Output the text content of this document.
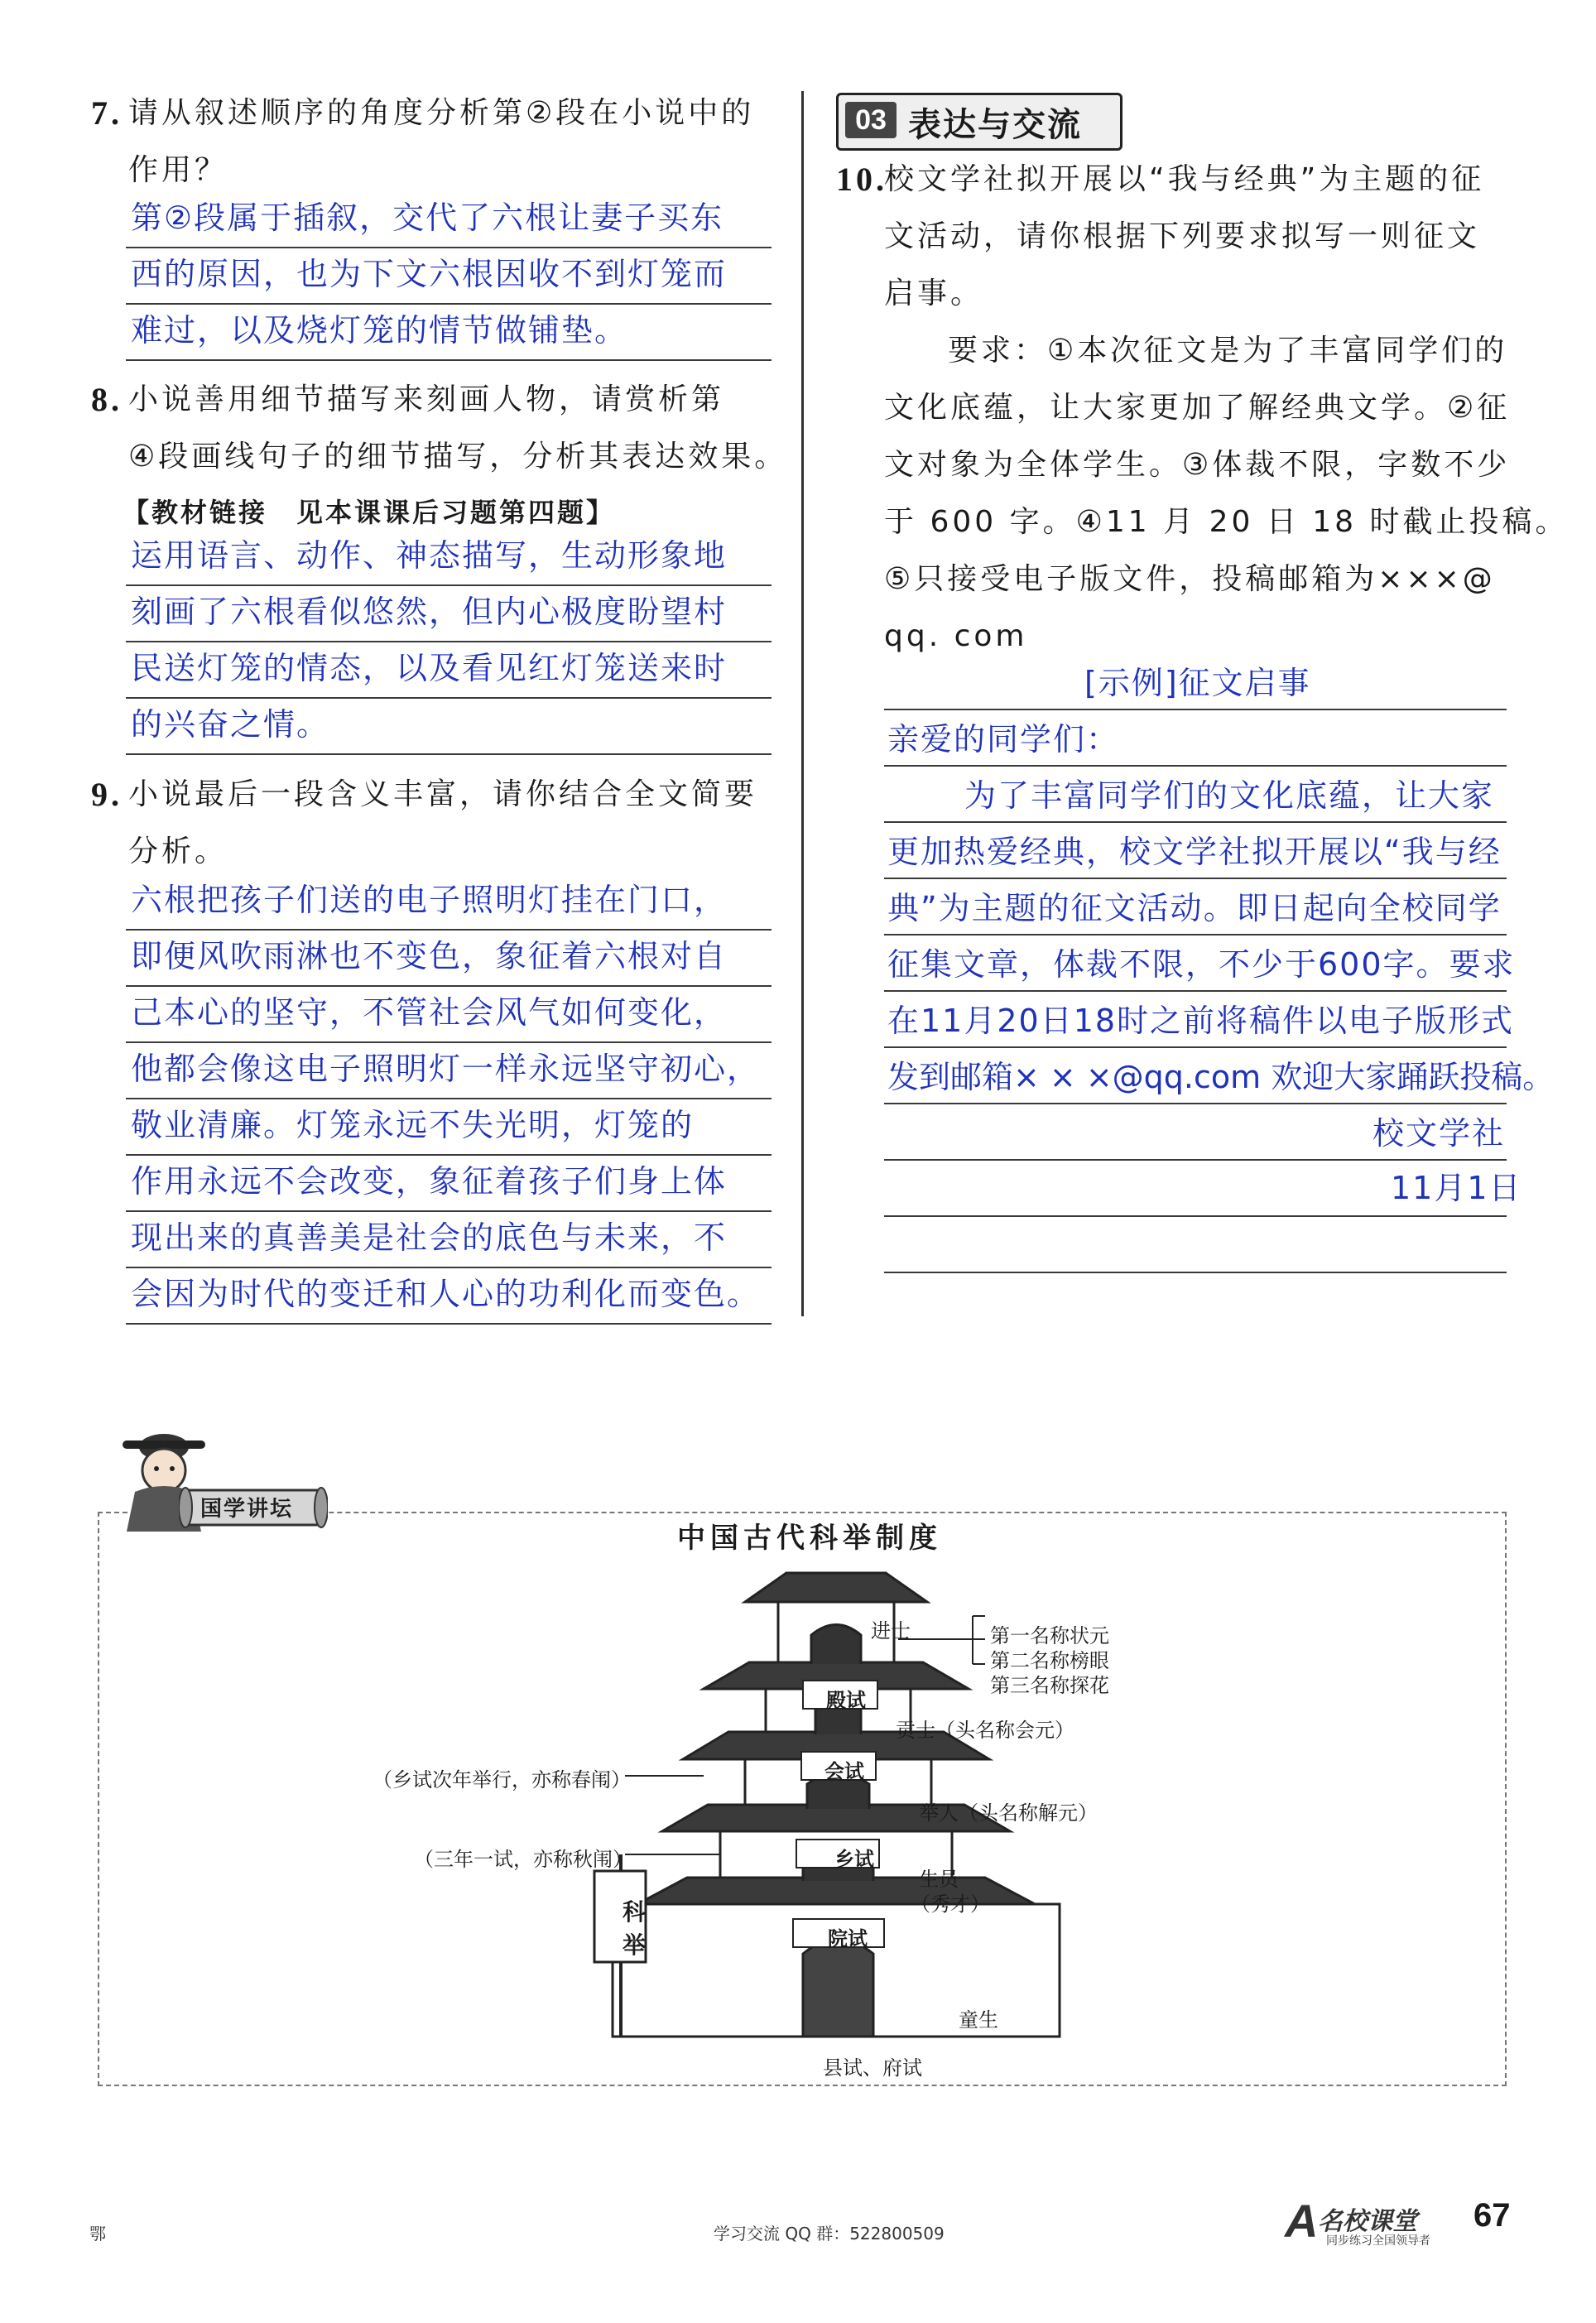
7. 请从叙述顺序的角度分析第②段在小说中的
作用？
第②段属于插叙，交代了六根让妻子买东
西的原因，也为下文六根因收不到灯笼而
难过，以及烧灯笼的情节做铺垫。
8. 小说善用细节描写来刻画人物，请赏析第
④段画线句子的细节描写，分析其表达效果。
【教材链接　见本课课后习题第四题】
运用语言、动作、神态描写，生动形象地
刻画了六根看似悠然，但内心极度盼望村
民送灯笼的情态，以及看见红灯笼送来时
的兴奋之情。
9. 小说最后一段含义丰富，请你结合全文简要
分析。
六根把孩子们送的电子照明灯挂在门口，
即便风吹雨淋也不变色，象征着六根对自
己本心的坚守，不管社会风气如何变化，
他都会像这电子照明灯一样永远坚守初心，
敬业清廉。灯笼永远不失光明，灯笼的
作用永远不会改变，象征着孩子们身上体
现出来的真善美是社会的底色与未来，不
会因为时代的变迁和人心的功利化而变色。
03 表达与交流
10.
校文学社拟开展以“我与经典”为主题的征
文活动，请你根据下列要求拟写一则征文
启事。
要求：①本次征文是为了丰富同学们的
文化底蕴，让大家更加了解经典文学。②征
文对象为全体学生。③体裁不限，字数不少
于 600 字。④11 月 20 日 18 时截止投稿。
⑤只接受电子版文件，投稿邮箱为×××@
qq. com
[示例]征文启事
亲爱的同学们：
为了丰富同学们的文化底蕴，让大家
更加热爱经典，校文学社拟开展以“我与经
典”为主题的征文活动。即日起向全校同学
征集文章，体裁不限，不少于600字。要求
在11月20日18时之前将稿件以电子版形式
发到邮箱× × ×@qq.com 欢迎大家踊跃投稿。
校文学社
11月1日
国学讲坛
中国古代科举制度
进士	第一名称状元
第二名称榜眼
第三名称探花
殿试
贡士（头名称会元）
（乡试次年举行，亦称春闱）	会试
举人（头名称解元）
（三年一试，亦称秋闱）	乡试
生员
（秀才）
院试
科举
童生
县试、府试
鄂	学习交流 QQ 群：522800509	A 名校课堂
同步练习全国领导者
67
